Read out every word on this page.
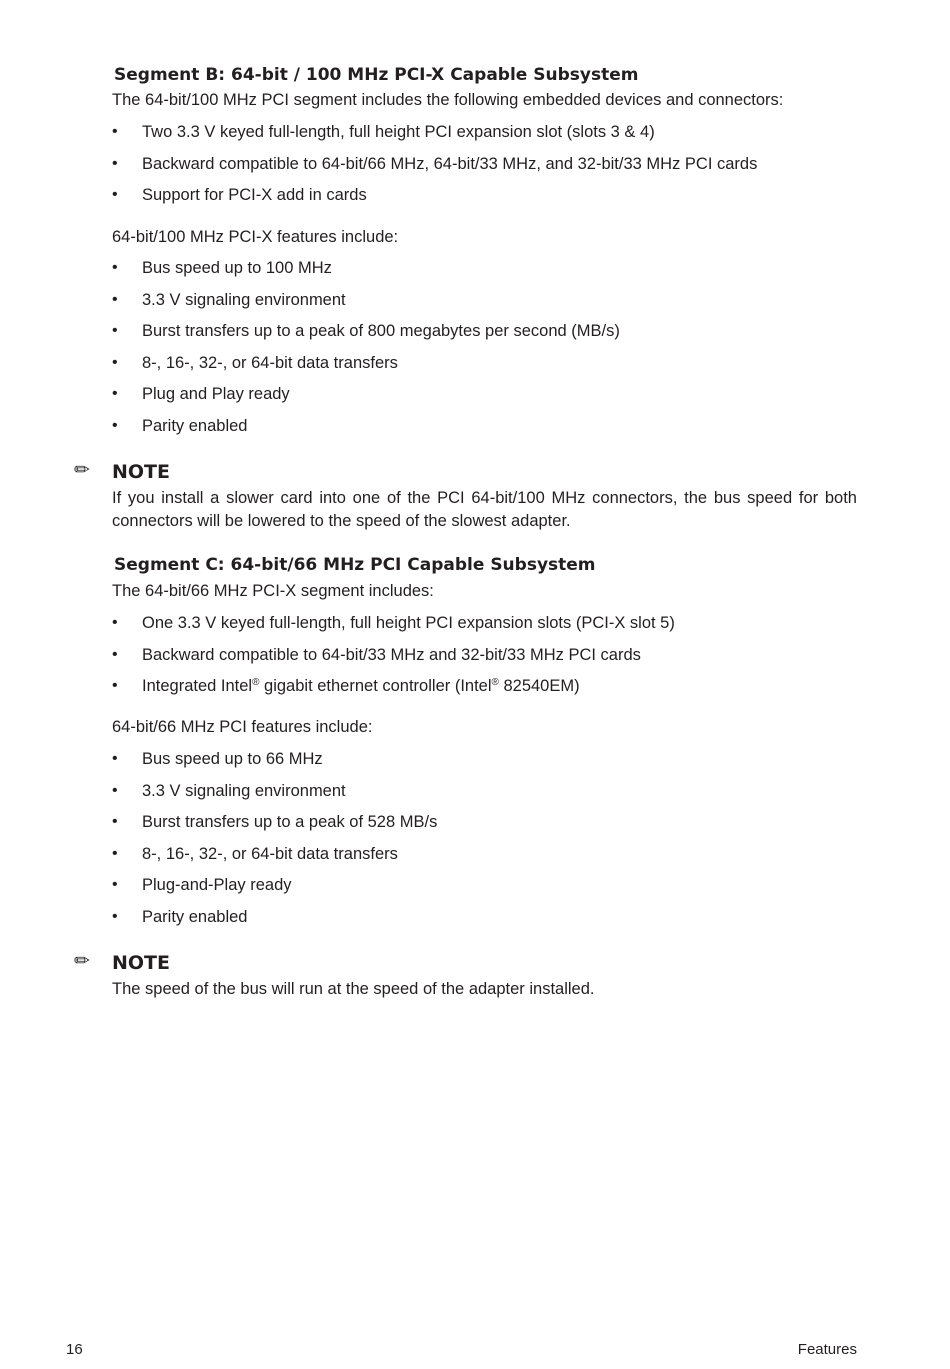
Segment B: 64-bit / 100 MHz PCI-X Capable Subsystem
The 64-bit/100 MHz PCI segment includes the following embedded devices and connectors:
•	Two 3.3 V keyed full-length, full height PCI expansion slot (slots 3 & 4)
•	Backward compatible to 64-bit/66 MHz, 64-bit/33 MHz, and 32-bit/33 MHz PCI cards
•	Support for PCI-X add in cards
64-bit/100 MHz PCI-X features include:
•	Bus speed up to 100 MHz
•	3.3 V signaling environment
•	Burst transfers up to a peak of 800 megabytes per second (MB/s)
•	8-, 16-, 32-, or 64-bit data transfers
•	Plug and Play ready
•	Parity enabled
✏	NOTE
If you install a slower card into one of the PCI 64-bit/100 MHz connectors, the bus speed for both connectors will be lowered to the speed of the slowest adapter.
Segment C: 64-bit/66 MHz PCI Capable Subsystem
The 64-bit/66 MHz PCI-X segment includes:
•	One 3.3 V keyed full-length, full height PCI expansion slots (PCI-X slot 5)
•	Backward compatible to 64-bit/33 MHz and 32-bit/33 MHz PCI cards
•	Integrated Intel® gigabit ethernet controller (Intel® 82540EM)
64-bit/66 MHz PCI features include:
•	Bus speed up to 66 MHz
•	3.3 V signaling environment
•	Burst transfers up to a peak of 528 MB/s
•	8-, 16-, 32-, or 64-bit data transfers
•	Plug-and-Play ready
•	Parity enabled
✏	NOTE
The speed of the bus will run at the speed of the adapter installed.
16	Features
